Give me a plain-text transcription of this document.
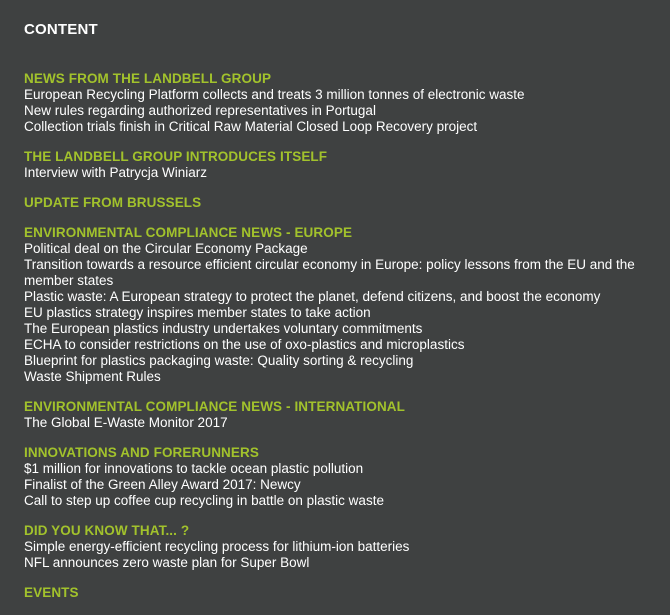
CONTENT
NEWS FROM THE LANDBELL GROUP
European Recycling Platform collects and treats 3 million tonnes of electronic waste
New rules regarding authorized representatives in Portugal
Collection trials finish in Critical Raw Material Closed Loop Recovery project
THE LANDBELL GROUP INTRODUCES ITSELF
Interview with Patrycja Winiarz
UPDATE FROM BRUSSELS
ENVIRONMENTAL COMPLIANCE NEWS - EUROPE
Political deal on the Circular Economy Package
Transition towards a resource efficient circular economy in Europe: policy lessons from the EU and the member states
Plastic waste: A European strategy to protect the planet, defend citizens, and boost the economy
EU plastics strategy inspires member states to take action
The European plastics industry undertakes voluntary commitments
ECHA to consider restrictions on the use of oxo-plastics and microplastics
Blueprint for plastics packaging waste: Quality sorting & recycling
Waste Shipment Rules
ENVIRONMENTAL COMPLIANCE NEWS - INTERNATIONAL
The Global E-Waste Monitor 2017
INNOVATIONS AND FORERUNNERS
$1 million for innovations to tackle ocean plastic pollution
Finalist of the Green Alley Award 2017: Newcy
Call to step up coffee cup recycling in battle on plastic waste
DID YOU KNOW THAT... ?
Simple energy-efficient recycling process for lithium-ion batteries
NFL announces zero waste plan for Super Bowl
EVENTS
